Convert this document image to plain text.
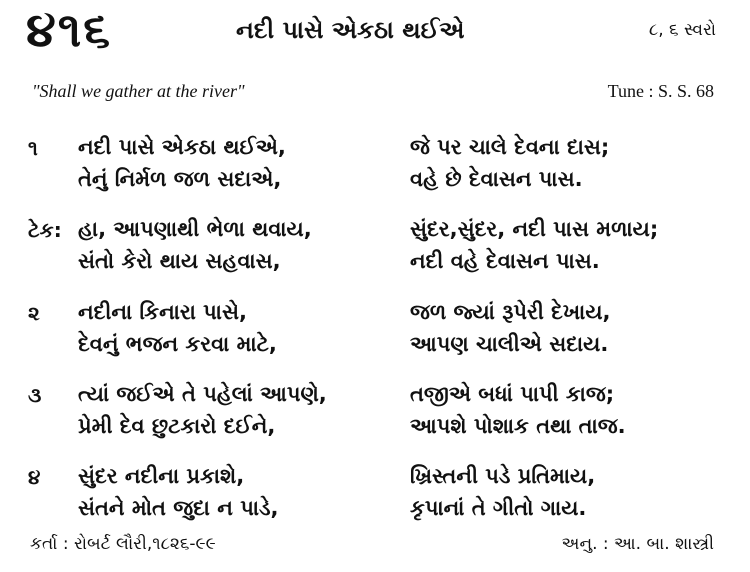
૪૧૬	નદી પાસે એકઠા થઈએ	૮, ૬ સ્વરો
"Shall we gather at the river"	Tune : S. S. 68
૧ નદી પાસે એકઠા થઈએ,	જે પર ચાલે દેવના દાસ;
તેનું નિર્મળ જળ સદાએ,	વહે છે દેવાસન પાસ.
ટેક: હા, આપણાથી ભેળા થવાય,	સુંદર,સુંદર, નદી પાસ મળાય;
સંતો કેરો થાય સહવાસ,	નદી વહે દેવાસન પાસ.
૨ નદીના કિનારા પાસે,	જળ જ્યાં રૂપેરી દેખાય,
દેવનું ભજન કરવા માટે,	આપણ ચાલીએ સદાય.
૩ ત્યાં જઈએ તે પહેલાં આપણે,	તજીએ બધાં પાપી કાજ;
પ્રેમી દેવ છુટકારો દઈને,	આપશે પોશાક તથા તાજ.
૪ સુંદર નદીના પ્રકાશે,	ખ્રિસ્તની પડે પ્રતિમાય,
સંતને મોત જુદા ન પાડે,	કૃપાનાં તે ગીતો ગાય.
કર્તા : રોબર્ટ લૌરી,૧૮૨૬-૯૯	અનુ. : આ. બા. શાસ્ત્રી
